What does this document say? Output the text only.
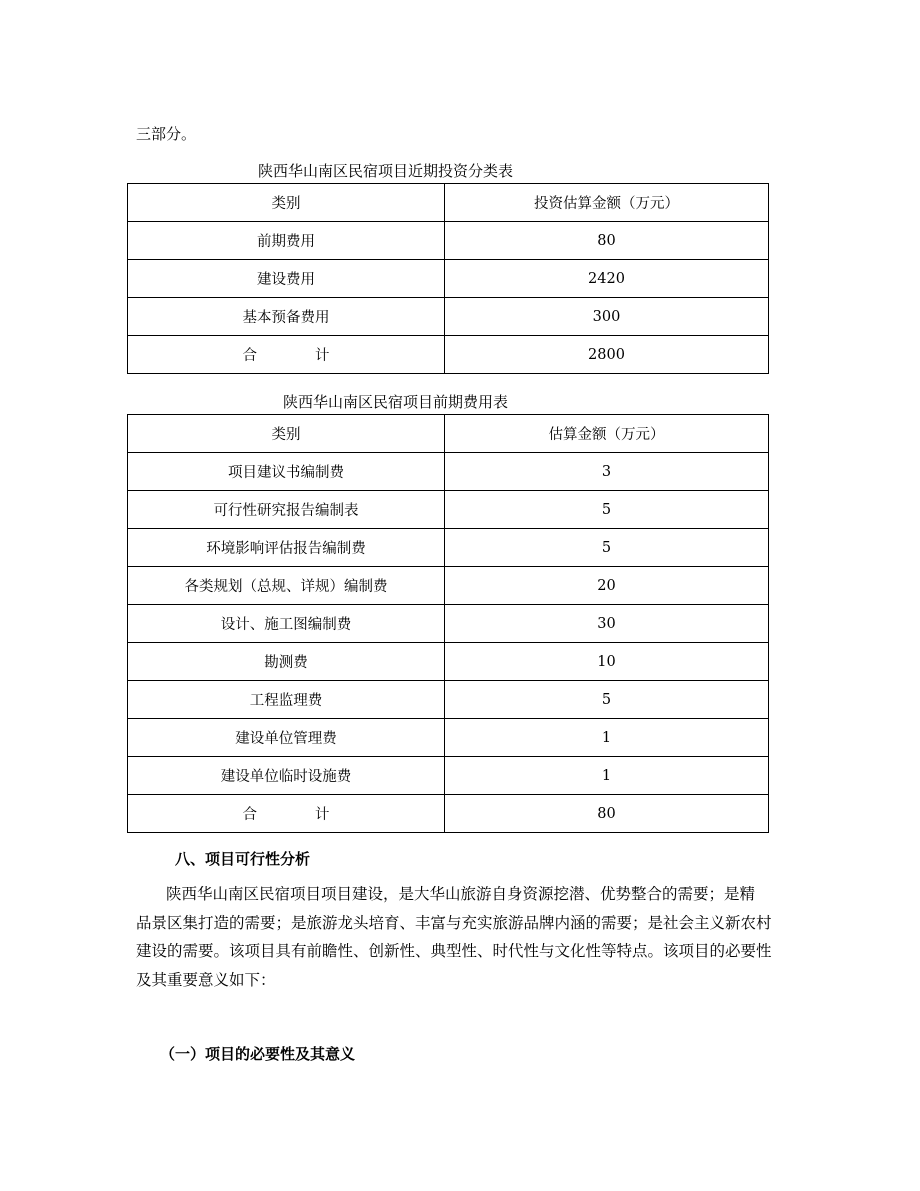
三部分。
陕西华山南区民宿项目近期投资分类表
类别	投资估算金额（万元）
前期费用	80
建设费用	2420
基本预备费用	300
合　　　　计	2800
陕西华山南区民宿项目前期费用表
类别	估算金额（万元）
项目建议书编制费	3
可行性研究报告编制表	5
环境影响评估报告编制费	5
各类规划（总规、详规）编制费	20
设计、施工图编制费	30
勘测费	10
工程监理费	5
建设单位管理费	1
建设单位临时设施费	1
合　　　　计	80
八、项目可行性分析
陕西华山南区民宿项目项目建设，是大华山旅游自身资源挖潜、优势整合的需要；是精
品景区集打造的需要；是旅游龙头培育、丰富与充实旅游品牌内涵的需要；是社会主义新农村
建设的需要。该项目具有前瞻性、创新性、典型性、时代性与文化性等特点。该项目的必要性
及其重要意义如下：
（一）项目的必要性及其意义
